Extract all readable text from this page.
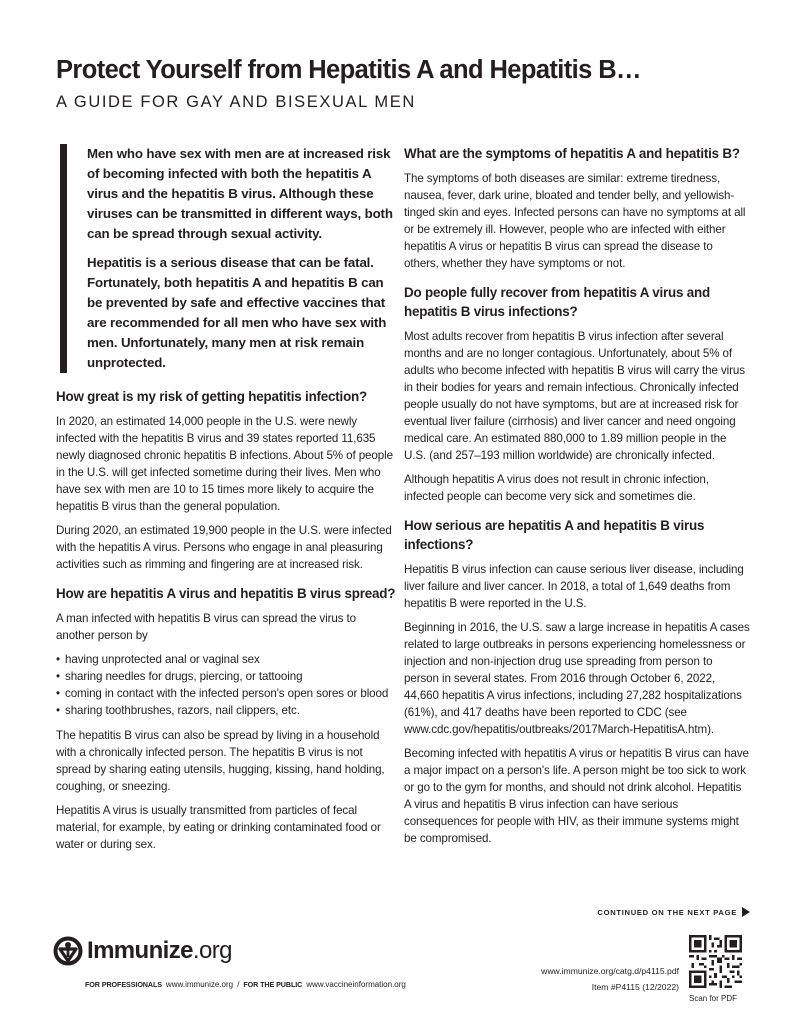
Protect Yourself from Hepatitis A and Hepatitis B…
A GUIDE FOR GAY AND BISEXUAL MEN

Men who have sex with men are at increased risk of becoming infected with both the hepatitis A virus and the hepatitis B virus. Although these viruses can be transmitted in different ways, both can be spread through sexual activity.

Hepatitis is a serious disease that can be fatal. Fortunately, both hepatitis A and hepatitis B can be prevented by safe and effective vaccines that are recommended for all men who have sex with men. Unfortunately, many men at risk remain unprotected.

How great is my risk of getting hepatitis infection?

In 2020, an estimated 14,000 people in the U.S. were newly infected with the hepatitis B virus and 39 states reported 11,635 newly diagnosed chronic hepatitis B infections. About 5% of people in the U.S. will get infected sometime during their lives. Men who have sex with men are 10 to 15 times more likely to acquire the hepatitis B virus than the general population.

During 2020, an estimated 19,900 people in the U.S. were infected with the hepatitis A virus. Persons who engage in anal pleasuring activities such as rimming and fingering are at increased risk.

How are hepatitis A virus and hepatitis B virus spread?

A man infected with hepatitis B virus can spread the virus to another person by

• having unprotected anal or vaginal sex
• sharing needles for drugs, piercing, or tattooing
• coming in contact with the infected person's open sores or blood
• sharing toothbrushes, razors, nail clippers, etc.

The hepatitis B virus can also be spread by living in a household with a chronically infected person. The hepatitis B virus is not spread by sharing eating utensils, hugging, kissing, hand holding, coughing, or sneezing.

Hepatitis A virus is usually transmitted from particles of fecal material, for example, by eating or drinking contaminated food or water or during sex.

What are the symptoms of hepatitis A and hepatitis B?

The symptoms of both diseases are similar: extreme tiredness, nausea, fever, dark urine, bloated and tender belly, and yellowish-tinged skin and eyes. Infected persons can have no symptoms at all or be extremely ill. However, people who are infected with either hepatitis A virus or hepatitis B virus can spread the disease to others, whether they have symptoms or not.

Do people fully recover from hepatitis A virus and hepatitis B virus infections?

Most adults recover from hepatitis B virus infection after several months and are no longer contagious. Unfortunately, about 5% of adults who become infected with hepatitis B virus will carry the virus in their bodies for years and remain infectious. Chronically infected people usually do not have symptoms, but are at increased risk for eventual liver failure (cirrhosis) and liver cancer and need ongoing medical care. An estimated 880,000 to 1.89 million people in the U.S. (and 257–193 million worldwide) are chronically infected.

Although hepatitis A virus does not result in chronic infection, infected people can become very sick and sometimes die.

How serious are hepatitis A and hepatitis B virus infections?

Hepatitis B virus infection can cause serious liver disease, including liver failure and liver cancer. In 2018, a total of 1,649 deaths from hepatitis B were reported in the U.S.

Beginning in 2016, the U.S. saw a large increase in hepatitis A cases related to large outbreaks in persons experiencing homelessness or injection and non-injection drug use spreading from person to person in several states. From 2016 through October 6, 2022, 44,660 hepatitis A virus infections, including 27,282 hospitalizations (61%), and 417 deaths have been reported to CDC (see www.cdc.gov/hepatitis/outbreaks/2017March-HepatitisA.htm).

Becoming infected with hepatitis A virus or hepatitis B virus can have a major impact on a person's life. A person might be too sick to work or go to the gym for months, and should not drink alcohol. Hepatitis A virus and hepatitis B virus infection can have serious consequences for people with HIV, as their immune systems might be compromised.

CONTINUED ON THE NEXT PAGE
Immunize.org
FOR PROFESSIONALS www.immunize.org / FOR THE PUBLIC www.vaccineinformation.org
www.immunize.org/catg.d/p4115.pdf
Item #P4115 (12/2022)
Scan for PDF
